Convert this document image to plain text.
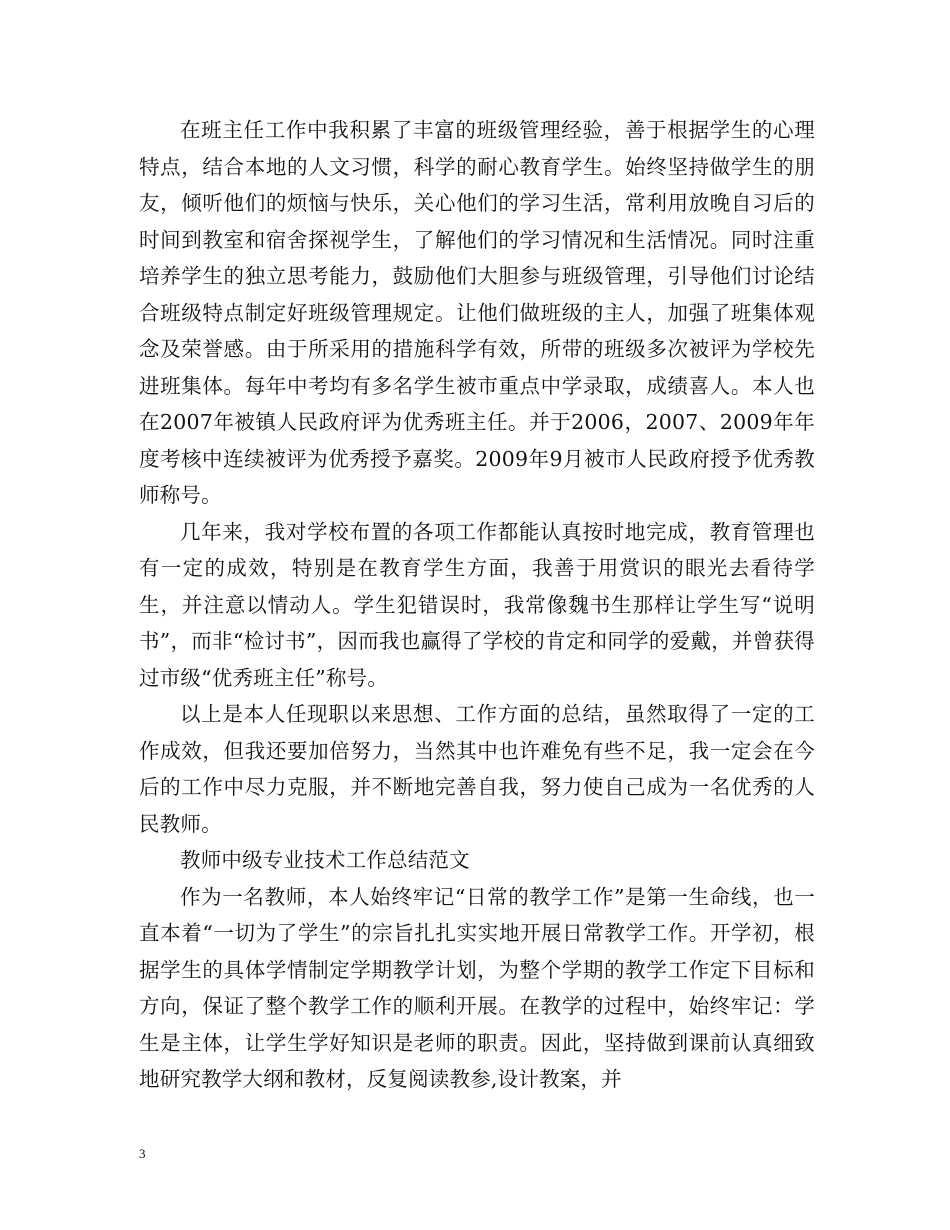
在班主任工作中我积累了丰富的班级管理经验，善于根据学生的心理特点，结合本地的人文习惯，科学的耐心教育学生。始终坚持做学生的朋友，倾听他们的烦恼与快乐，关心他们的学习生活，常利用放晚自习后的时间到教室和宿舍探视学生，了解他们的学习情况和生活情况。同时注重培养学生的独立思考能力，鼓励他们大胆参与班级管理，引导他们讨论结合班级特点制定好班级管理规定。让他们做班级的主人，加强了班集体观念及荣誉感。由于所采用的措施科学有效，所带的班级多次被评为学校先进班集体。每年中考均有多名学生被市重点中学录取，成绩喜人。本人也在2007年被镇人民政府评为优秀班主任。并于2006，2007、2009年年度考核中连续被评为优秀授予嘉奖。2009年9月被市人民政府授予优秀教师称号。

几年来，我对学校布置的各项工作都能认真按时地完成，教育管理也有一定的成效，特别是在教育学生方面，我善于用赏识的眼光去看待学生，并注意以情动人。学生犯错误时，我常像魏书生那样让学生写“说明书”，而非“检讨书”，因而我也赢得了学校的肯定和同学的爱戴，并曾获得过市级“优秀班主任”称号。

以上是本人任现职以来思想、工作方面的总结，虽然取得了一定的工作成效，但我还要加倍努力，当然其中也许难免有些不足，我一定会在今后的工作中尽力克服，并不断地完善自我，努力使自己成为一名优秀的人民教师。

教师中级专业技术工作总结范文

作为一名教师，本人始终牢记“日常的教学工作”是第一生命线，也一直本着“一切为了学生”的宗旨扎扎实实地开展日常教学工作。开学初，根据学生的具体学情制定学期教学计划，为整个学期的教学工作定下目标和方向，保证了整个教学工作的顺利开展。在教学的过程中，始终牢记：学生是主体，让学生学好知识是老师的职责。因此，坚持做到课前认真细致地研究教学大纲和教材，反复阅读教参,设计教案，并

3
